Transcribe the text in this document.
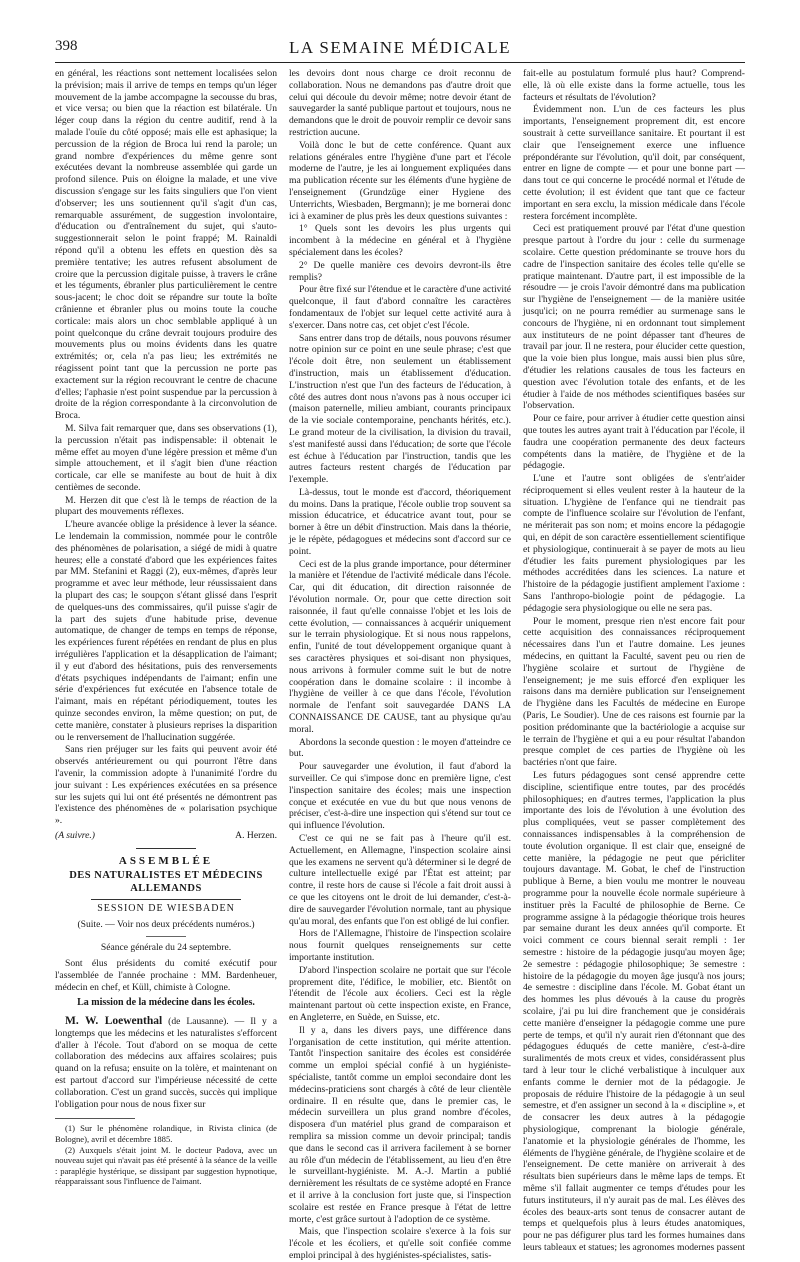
398	LA SEMAINE MÉDICALE

en général, les réactions sont nettement localisées selon la prévision; mais il arrive de temps en temps qu'un léger mouvement de la jambe accompagne la secousse du bras, et vice versa; ou bien que la réaction est bilatérale. Un léger coup dans la région du centre auditif, rend à la malade l'ouïe du côté opposé; mais elle est aphasique; la percussion de la région de Broca lui rend la parole; un grand nombre d'expériences du même genre sont exécutées devant la nombreuse assemblée qui garde un profond silence. Puis on éloigne la malade, et une vive discussion s'engage sur les faits singuliers que l'on vient d'observer; les uns soutiennent qu'il s'agit d'un cas, remarquable assurément, de suggestion involontaire, d'éducation ou d'entraînement du sujet, qui s'auto-suggestionnerait selon le point frappé; M. Rainaldi répond qu'il a obtenu les effets en question dès sa première tentative; les autres refusent absolument de croire que la percussion digitale puisse, à travers le crâne et les téguments, ébranler plus particulièrement le centre sous-jacent; le choc doit se répandre sur toute la boîte crânienne et ébranler plus ou moins toute la couche corticale: mais alors un choc semblable appliqué à un point quelconque du crâne devrait toujours produire des mouvements plus ou moins évidents dans les quatre extrémités; or, cela n'a pas lieu; les extrémités ne réagissent point tant que la percussion ne porte pas exactement sur la région recouvrant le centre de chacune d'elles; l'aphasie n'est point suspendue par la percussion à droite de la région correspondante à la circonvolution de Broca.

M. Silva fait remarquer que, dans ses observations (1), la percussion n'était pas indispensable: il obtenait le même effet au moyen d'une légère pression et même d'un simple attouchement, et il s'agit bien d'une réaction corticale, car elle se manifeste au bout de huit à dix centièmes de seconde.

M. Herzen dit que c'est là le temps de réaction de la plupart des mouvements réflexes.

L'heure avancée oblige la présidence à lever la séance. Le lendemain la commission, nommée pour le contrôle des phénomènes de polarisation, a siégé de midi à quatre heures; elle a constaté d'abord que les expériences faites par MM. Stefanini et Raggi (2), eux-mêmes, d'après leur programme et avec leur méthode, leur réussissaient dans la plupart des cas; le soupçon s'étant glissé dans l'esprit de quelques-uns des commissaires, qu'il puisse s'agir de la part des sujets d'une habitude prise, devenue automatique, de changer de temps en temps de réponse, les expériences furent répétées en rendant de plus en plus irrégulières l'application et la désapplication de l'aimant; il y eut d'abord des hésitations, puis des renversements d'états psychiques indépendants de l'aimant; enfin une série d'expériences fut exécutée en l'absence totale de l'aimant, mais en répétant périodiquement, toutes les quinze secondes environ, la même question; on put, de cette manière, constater à plusieurs reprises la disparition ou le renversement de l'hallucination suggérée.

Sans rien préjuger sur les faits qui peuvent avoir été observés antérieurement ou qui pourront l'être dans l'avenir, la commission adopte à l'unanimité l'ordre du jour suivant : Les expériences exécutées en sa présence sur les sujets qui lui ont été présentés ne démontrent pas l'existence des phénomènes de « polarisation psychique ».

(A suivre.)	A. Herzen.
ASSEMBLÉE
DES NATURALISTES ET MÉDECINS ALLEMANDS
SESSION DE WIESBADEN
(Suite. — Voir nos deux précédents numéros.)
Séance générale du 24 septembre.

Sont élus présidents du comité exécutif pour l'assemblée de l'année prochaine : MM. Bardenheuer, médecin en chef, et Küll, chimiste à Cologne.

La mission de la médecine dans les écoles.

M. W. Loewenthal (de Lausanne). — Il y a longtemps que les médecins et les naturalistes s'efforcent d'aller à l'école. Tout d'abord on se moqua de cette collaboration des médecins aux affaires scolaires; puis quand on la refusa; ensuite on la tolère, et maintenant on est partout d'accord sur l'impérieuse nécessité de cette collaboration. C'est un grand succès, succès qui implique l'obligation pour nous de nous fixer sur

(1) Sur le phénomène rolandique, in Rivista clinica (de Bologne), avril et décembre 1885.

(2) Auxquels s'était joint M. le docteur Padova, avec un nouveau sujet qui n'avait pas été présenté à la séance de la veille : paraplégie hystérique, se dissipant par suggestion hypnotique, réapparaissant sous l'influence de l'aimant.

les devoirs dont nous charge ce droit reconnu de collaboration. Nous ne demandons pas d'autre droit que celui qui découle du devoir même; notre devoir étant de sauvegarder la santé publique partout et toujours, nous ne demandons que le droit de pouvoir remplir ce devoir sans restriction aucune.

Voilà donc le but de cette conférence. Quant aux relations générales entre l'hygiène d'une part et l'école moderne de l'autre, je les ai longuement expliquées dans ma publication récente sur les éléments d'une hygiène de l'enseignement (Grundzüge einer Hygiene des Unterrichts, Wiesbaden, Bergmann); je me bornerai donc ici à examiner de plus près les deux questions suivantes :

1° Quels sont les devoirs les plus urgents qui incombent à la médecine en général et à l'hygiène spécialement dans les écoles?

2° De quelle manière ces devoirs devront-ils être remplis?

Pour être fixé sur l'étendue et le caractère d'une activité quelconque, il faut d'abord connaître les caractères fondamentaux de l'objet sur lequel cette activité aura à s'exercer. Dans notre cas, cet objet c'est l'école.

Sans entrer dans trop de détails, nous pouvons résumer notre opinion sur ce point en une seule phrase; c'est que l'école doit être, non seulement un établissement d'instruction, mais un établissement d'éducation. L'instruction n'est que l'un des facteurs de l'éducation, à côté des autres dont nous n'avons pas à nous occuper ici (maison paternelle, milieu ambiant, courants principaux de la vie sociale contemporaine, penchants hérités, etc.). Le grand moteur de la civilisation, la division du travail, s'est manifesté aussi dans l'éducation; de sorte que l'école est échue à l'éducation par l'instruction, tandis que les autres facteurs restent chargés de l'éducation par l'exemple.

Là-dessus, tout le monde est d'accord, théoriquement du moins. Dans la pratique, l'école oublie trop souvent sa mission éducatrice, et éducatrice avant tout, pour se borner à être un débit d'instruction. Mais dans la théorie, je le répète, pédagogues et médecins sont d'accord sur ce point.

Ceci est de la plus grande importance, pour déterminer la manière et l'étendue de l'activité médicale dans l'école. Car, qui dit éducation, dit direction raisonnée de l'évolution normale. Or, pour que cette direction soit raisonnée, il faut qu'elle connaisse l'objet et les lois de cette évolution, — connaissances à acquérir uniquement sur le terrain physiologique. Et si nous nous rappelons, enfin, l'unité de tout développement organique quant à ses caractères physiques et soi-disant non physiques, nous arrivons à formuler comme suit le but de notre coopération dans le domaine scolaire : il incombe à l'hygiène de veiller à ce que dans l'école, l'évolution normale de l'enfant soit sauvegardée DANS LA CONNAISSANCE DE CAUSE, tant au physique qu'au moral.

Abordons la seconde question : le moyen d'atteindre ce but.

Pour sauvegarder une évolution, il faut d'abord la surveiller. Ce qui s'impose donc en première ligne, c'est l'inspection sanitaire des écoles; mais une inspection conçue et exécutée en vue du but que nous venons de préciser, c'est-à-dire une inspection qui s'étend sur tout ce qui influence l'évolution.

C'est ce qui ne se fait pas à l'heure qu'il est. Actuellement, en Allemagne, l'inspection scolaire ainsi que les examens ne servent qu'à déterminer si le degré de culture intellectuelle exigé par l'État est atteint; par contre, il reste hors de cause si l'école a fait droit aussi à ce que les citoyens ont le droit de lui demander, c'est-à-dire de sauvegarder l'évolution normale, tant au physique qu'au moral, des enfants que l'on est obligé de lui confier.

Hors de l'Allemagne, l'histoire de l'inspection scolaire nous fournit quelques renseignements sur cette importante institution.

D'abord l'inspection scolaire ne portait que sur l'école proprement dite, l'édifice, le mobilier, etc. Bientôt on l'étendit de l'école aux écoliers. Ceci est la règle maintenant partout où cette inspection existe, en France, en Angleterre, en Suède, en Suisse, etc.

Il y a, dans les divers pays, une différence dans l'organisation de cette institution, qui mérite attention. Tantôt l'inspection sanitaire des écoles est considérée comme un emploi spécial confié à un hygiéniste-spécialiste, tantôt comme un emploi secondaire dont les médecins-praticiens sont chargés à côté de leur clientèle ordinaire. Il en résulte que, dans le premier cas, le médecin surveillera un plus grand nombre d'écoles, disposera d'un matériel plus grand de comparaison et remplira sa mission comme un devoir principal; tandis que dans le second cas il arrivera facilement à se borner au rôle d'un médecin de l'établissement, au lieu d'en être le surveillant-hygiéniste. M. A.-J. Martin a publié dernièrement les résultats de ce système adopté en France et il arrive à la conclusion fort juste que, si l'inspection scolaire est restée en France presque à l'état de lettre morte, c'est grâce surtout à l'adoption de ce système.

Mais, que l'inspection scolaire s'exerce à la fois sur l'école et les écoliers, et qu'elle soit confiée comme emploi principal à des hygiénistes-spécialistes, satis-

fait-elle au postulatum formulé plus haut? Comprend-elle, là où elle existe dans la forme actuelle, tous les facteurs et résultats de l'évolution?

Évidemment non. L'un de ces facteurs les plus importants, l'enseignement proprement dit, est encore soustrait à cette surveillance sanitaire. Et pourtant il est clair que l'enseignement exerce une influence prépondérante sur l'évolution, qu'il doit, par conséquent, entrer en ligne de compte — et pour une bonne part — dans tout ce qui concerne le procédé normal et l'étude de cette évolution; il est évident que tant que ce facteur important en sera exclu, la mission médicale dans l'école restera forcément incomplète.

Ceci est pratiquement prouvé par l'état d'une question presque partout à l'ordre du jour : celle du surmenage scolaire. Cette question prédominante se trouve hors du cadre de l'inspection sanitaire des écoles telle qu'elle se pratique maintenant. D'autre part, il est impossible de la résoudre — je crois l'avoir démontré dans ma publication sur l'hygiène de l'enseignement — de la manière usitée jusqu'ici; on ne pourra remédier au surmenage sans le concours de l'hygiène, ni en ordonnant tout simplement aux instituteurs de ne point dépasser tant d'heures de travail par jour. Il ne restera, pour élucider cette question, que la voie bien plus longue, mais aussi bien plus sûre, d'étudier les relations causales de tous les facteurs en question avec l'évolution totale des enfants, et de les étudier à l'aide de nos méthodes scientifiques basées sur l'observation.

Pour ce faire, pour arriver à étudier cette question ainsi que toutes les autres ayant trait à l'éducation par l'école, il faudra une coopération permanente des deux facteurs compétents dans la matière, de l'hygiène et de la pédagogie.

L'une et l'autre sont obligées de s'entr'aider réciproquement si elles veulent rester à la hauteur de la situation. L'hygiène de l'enfance qui ne tiendrait pas compte de l'influence scolaire sur l'évolution de l'enfant, ne mériterait pas son nom; et moins encore la pédagogie qui, en dépit de son caractère essentiellement scientifique et physiologique, continuerait à se payer de mots au lieu d'étudier les faits purement physiologiques par les méthodes accréditées dans les sciences. La nature et l'histoire de la pédagogie justifient amplement l'axiome : Sans l'anthropo-biologie point de pédagogie. La pédagogie sera physiologique ou elle ne sera pas.

Pour le moment, presque rien n'est encore fait pour cette acquisition des connaissances réciproquement nécessaires dans l'un et l'autre domaine. Les jeunes médecins, en quittant la Faculté, savent peu ou rien de l'hygiène scolaire et surtout de l'hygiène de l'enseignement; je me suis efforcé d'en expliquer les raisons dans ma dernière publication sur l'enseignement de l'hygiène dans les Facultés de médecine en Europe (Paris, Le Soudier). Une de ces raisons est fournie par la position prédominante que la bactériologie a acquise sur le terrain de l'hygiène et qui a eu pour résultat l'abandon presque complet de ces parties de l'hygiène où les bactéries n'ont que faire.

Les futurs pédagogues sont censé apprendre cette discipline, scientifique entre toutes, par des procédés philosophiques; en d'autres termes, l'application la plus importante des lois de l'évolution à une évolution des plus compliquées, veut se passer complètement des connaissances indispensables à la compréhension de toute évolution organique. Il est clair que, enseigné de cette manière, la pédagogie ne peut que péricliter toujours davantage. M. Gobat, le chef de l'instruction publique à Berne, a bien voulu me montrer le nouveau programme pour la nouvelle école normale supérieure à instituer près la Faculté de philosophie de Berne. Ce programme assigne à la pédagogie théorique trois heures par semaine durant les deux années qu'il comporte. Et voici comment ce cours biennal serait rempli : 1er semestre : histoire de la pédagogie jusqu'au moyen âge; 2e semestre : pédagogie philosophique; 3e semestre : histoire de la pédagogie du moyen âge jusqu'à nos jours; 4e semestre : discipline dans l'école. M. Gobat étant un des hommes les plus dévoués à la cause du progrès scolaire, j'ai pu lui dire franchement que je considérais cette manière d'enseigner la pédagogie comme une pure perte de temps, et qu'il n'y aurait rien d'étonnant que des pédagogues éduqués de cette manière, c'est-à-dire suralimentés de mots creux et vides, considérassent plus tard à leur tour le cliché verbalistique à inculquer aux enfants comme le dernier mot de la pédagogie. Je proposais de réduire l'histoire de la pédagogie à un seul semestre, et d'en assigner un second à la « discipline », et de consacrer les deux autres à la pédagogie physiologique, comprenant la biologie générale, l'anatomie et la physiologie générales de l'homme, les éléments de l'hygiène générale, de l'hygiène scolaire et de l'enseignement. De cette manière on arriverait à des résultats bien supérieurs dans le même laps de temps. Et même s'il fallait augmenter ce temps d'études pour les futurs instituteurs, il n'y aurait pas de mal. Les élèves des écoles des beaux-arts sont tenus de consacrer autant de temps et quelquefois plus à leurs études anatomiques, pour ne pas défigurer plus tard les formes humaines dans leurs tableaux et statues; les agronomes modernes passent
